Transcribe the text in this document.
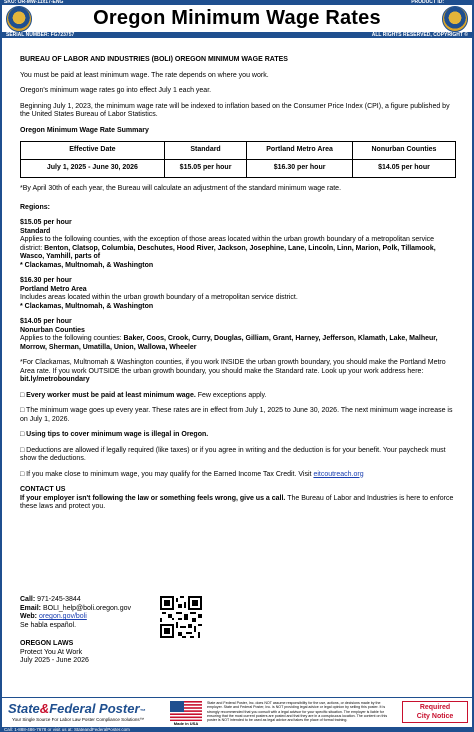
SKU: OR-MW-11x17-ENG	PRODUCT ID:
Oregon Minimum Wage Rates
SERIAL NUMBER: FG723757	ALL RIGHTS RESERVED, COPYRIGHT ©
BUREAU OF LABOR AND INDUSTRIES (BOLI) OREGON MINIMUM WAGE RATES
You must be paid at least minimum wage. The rate depends on where you work.
Oregon's minimum wage rates go into effect July 1 each year.
Beginning July 1, 2023, the minimum wage rate will be indexed to inflation based on the Consumer Price Index (CPI), a figure published by the United States Bureau of Labor Statistics.
Oregon Minimum Wage Rate Summary
Effective Date	Standard	Portland Metro Area	Nonurban Counties
July 1, 2025 - June 30, 2026	$15.05 per hour	$16.30 per hour	$14.05 per hour
*By April 30th of each year, the Bureau will calculate an adjustment of the standard minimum wage rate.
Regions:
$15.05 per hour
Standard
Applies to the following counties, with the exception of those areas located within the urban growth boundary of a metropolitan service district: Benton, Clatsop, Columbia, Deschutes, Hood River, Jackson, Josephine, Lane, Lincoln, Linn, Marion, Polk, Tillamook, Wasco, Yamhill, parts of
* Clackamas, Multnomah, & Washington
$16.30 per hour
Portland Metro Area
Includes areas located within the urban growth boundary of a metropolitan service district.
* Clackamas, Multnomah, & Washington
$14.05 per hour
Nonurban Counties
Applies to the following counties: Baker, Coos, Crook, Curry, Douglas, Gilliam, Grant, Harney, Jefferson, Klamath, Lake, Malheur, Morrow, Sherman, Umatilla, Union, Wallowa, Wheeler
*For Clackamas, Multnomah & Washington counties, if you work INSIDE the urban growth boundary, you should make the Portland Metro Area rate. If you work OUTSIDE the urban growth boundary, you should make the Standard rate. Look up your work address here: bit.ly/metroboundary
□ Every worker must be paid at least minimum wage. Few exceptions apply.
□ The minimum wage goes up every year. These rates are in effect from July 1, 2025 to June 30, 2026. The next minimum wage increase is on July 1, 2026.
□ Using tips to cover minimum wage is illegal in Oregon.
□ Deductions are allowed if legally required (like taxes) or if you agree in writing and the deduction is for your benefit. Your paycheck must show the deductions.
□ If you make close to minimum wage, you may qualify for the Earned Income Tax Credit. Visit eitcoutreach.org
CONTACT US
If your employer isn't following the law or something feels wrong, give us a call. The Bureau of Labor and Industries is here to enforce these laws and protect you.
Call: 971-245-3844
Email: BOLI_help@boli.oregon.gov
Web: oregon.gov/boli
Se habla español.
OREGON LAWS
Protect You At Work
July 2025 - June 2026
State&Federal Poster™
Your Single Source For Labor Law Poster Compliance Solutions™
Made in USA
State and Federal Poster, Inc. does NOT assume responsibility for the use, actions, or decisions made by the employer. State and Federal Poster, Inc. is NOT providing legal advice or legal opinion by selling this poster. It is strongly recommended that you consult with a legal advisor for your specific situation. The employer is liable for ensuring that the most current posters are posted and that they are in a conspicuous location. The content on this poster is NOT intended to be used as legal advice and takes the place of formal training.
Required
City Notice
Call: 1-888-486-7678 or visit us at: StateandFederalPoster.com
